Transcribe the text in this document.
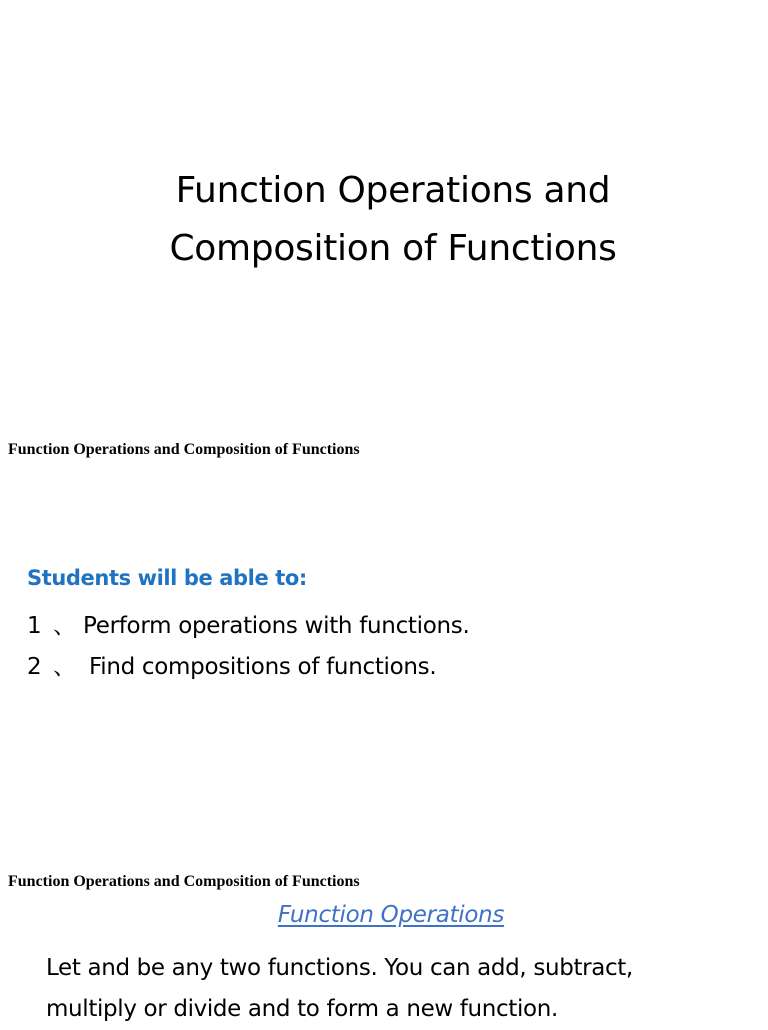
Function Operations and
Composition of Functions
Function Operations and Composition of Functions
Students will be able to:
1 、 Perform operations with functions.
2 、 Find compositions of functions.
Function Operations and Composition of Functions
Function Operations
Let and be any two functions. You can add, subtract,
multiply or divide and to form a new function.
